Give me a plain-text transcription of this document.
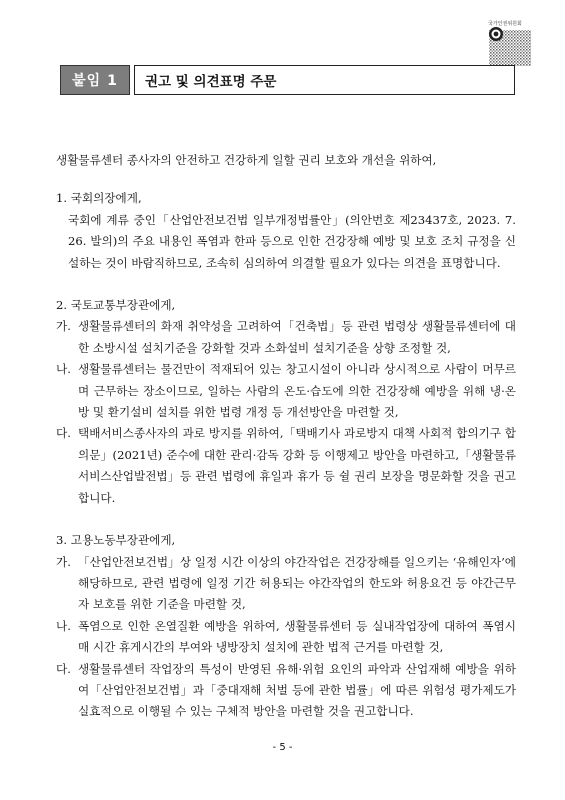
국가인권위원회
붙임 1	권고 및 의견표명 주문

생활물류센터 종사자의 안전하고 건강하게 일할 권리 보호와 개선을 위하여,

1. 국회의장에게,

국회에 계류 중인「산업안전보건법 일부개정법률안」(의안번호 제23437호, 2023. 7. 26. 발의)의 주요 내용인 폭염과 한파 등으로 인한 건강장해 예방 및 보호 조치 규정을 신설하는 것이 바람직하므로, 조속히 심의하여 의결할 필요가 있다는 의견을 표명합니다.

2. 국토교통부장관에게,

가. 생활물류센터의 화재 취약성을 고려하여「건축법」등 관련 법령상 생활물류센터에 대한 소방시설 설치기준을 강화할 것과 소화설비 설치기준을 상향 조정할 것,
나. 생활물류센터는 물건만이 적재되어 있는 창고시설이 아니라 상시적으로 사람이 머무르며 근무하는 장소이므로, 일하는 사람의 온도·습도에 의한 건강장해 예방을 위해 냉·온방 및 환기설비 설치를 위한 법령 개정 등 개선방안을 마련할 것,
다. 택배서비스종사자의 과로 방지를 위하여,「택배기사 과로방지 대책 사회적 합의기구 합의문」(2021년) 준수에 대한 관리·감독 강화 등 이행제고 방안을 마련하고,「생활물류서비스산업발전법」등 관련 법령에 휴일과 휴가 등 쉴 권리 보장을 명문화할 것을 권고합니다.

3. 고용노동부장관에게,

가. 「산업안전보건법」상 일정 시간 이상의 야간작업은 건강장해를 일으키는 ‘유해인자’에 해당하므로, 관련 법령에 일정 기간 허용되는 야간작업의 한도와 허용요건 등 야간근무자 보호를 위한 기준을 마련할 것,
나. 폭염으로 인한 온열질환 예방을 위하여, 생활물류센터 등 실내작업장에 대하여 폭염시 매 시간 휴게시간의 부여와 냉방장치 설치에 관한 법적 근거를 마련할 것,
다. 생활물류센터 작업장의 특성이 반영된 유해·위험 요인의 파악과 산업재해 예방을 위하여「산업안전보건법」과「중대재해 처벌 등에 관한 법률」에 따른 위험성 평가제도가 실효적으로 이행될 수 있는 구체적 방안을 마련할 것을 권고합니다.
- 5 -
